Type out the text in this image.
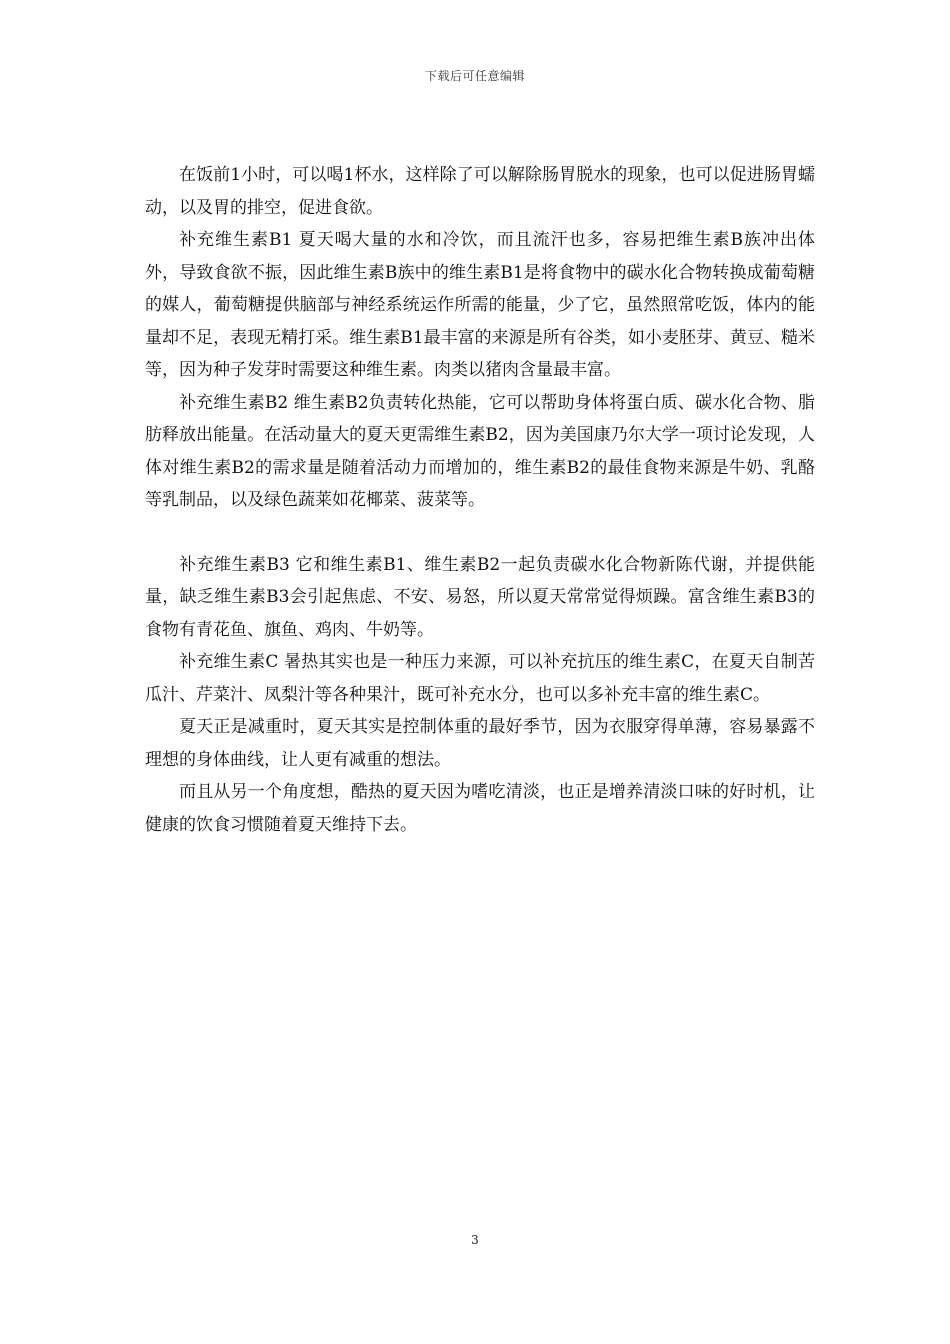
下载后可任意编辑

在饭前1小时，可以喝1杯水，这样除了可以解除肠胃脱水的现象，也可以促进肠胃蠕动，以及胃的排空，促进食欲。

补充维生素B1 夏天喝大量的水和冷饮，而且流汗也多，容易把维生素B族冲出体外，导致食欲不振，因此维生素B族中的维生素B1是将食物中的碳水化合物转换成葡萄糖的媒人，葡萄糖提供脑部与神经系统运作所需的能量，少了它，虽然照常吃饭，体内的能量却不足，表现无精打采。维生素B1最丰富的来源是所有谷类，如小麦胚芽、黄豆、糙米等，因为种子发芽时需要这种维生素。肉类以猪肉含量最丰富。

补充维生素B2 维生素B2负责转化热能，它可以帮助身体将蛋白质、碳水化合物、脂肪释放出能量。在活动量大的夏天更需维生素B2，因为美国康乃尔大学一项讨论发现，人体对维生素B2的需求量是随着活动力而增加的，维生素B2的最佳食物来源是牛奶、乳酪等乳制品，以及绿色蔬莱如花椰菜、菠菜等。

补充维生素B3 它和维生素B1、维生素B2一起负责碳水化合物新陈代谢，并提供能量，缺乏维生素B3会引起焦虑、不安、易怒，所以夏天常常觉得烦躁。富含维生素B3的食物有青花鱼、旗鱼、鸡肉、牛奶等。

补充维生素C 暑热其实也是一种压力来源，可以补充抗压的维生素C，在夏天自制苦瓜汁、芹菜汁、凤梨汁等各种果汁，既可补充水分，也可以多补充丰富的维生素C。

夏天正是减重时，夏天其实是控制体重的最好季节，因为衣服穿得单薄，容易暴露不理想的身体曲线，让人更有减重的想法。

而且从另一个角度想，酷热的夏天因为嗜吃清淡，也正是增养清淡口味的好时机，让健康的饮食习惯随着夏天维持下去。

3
